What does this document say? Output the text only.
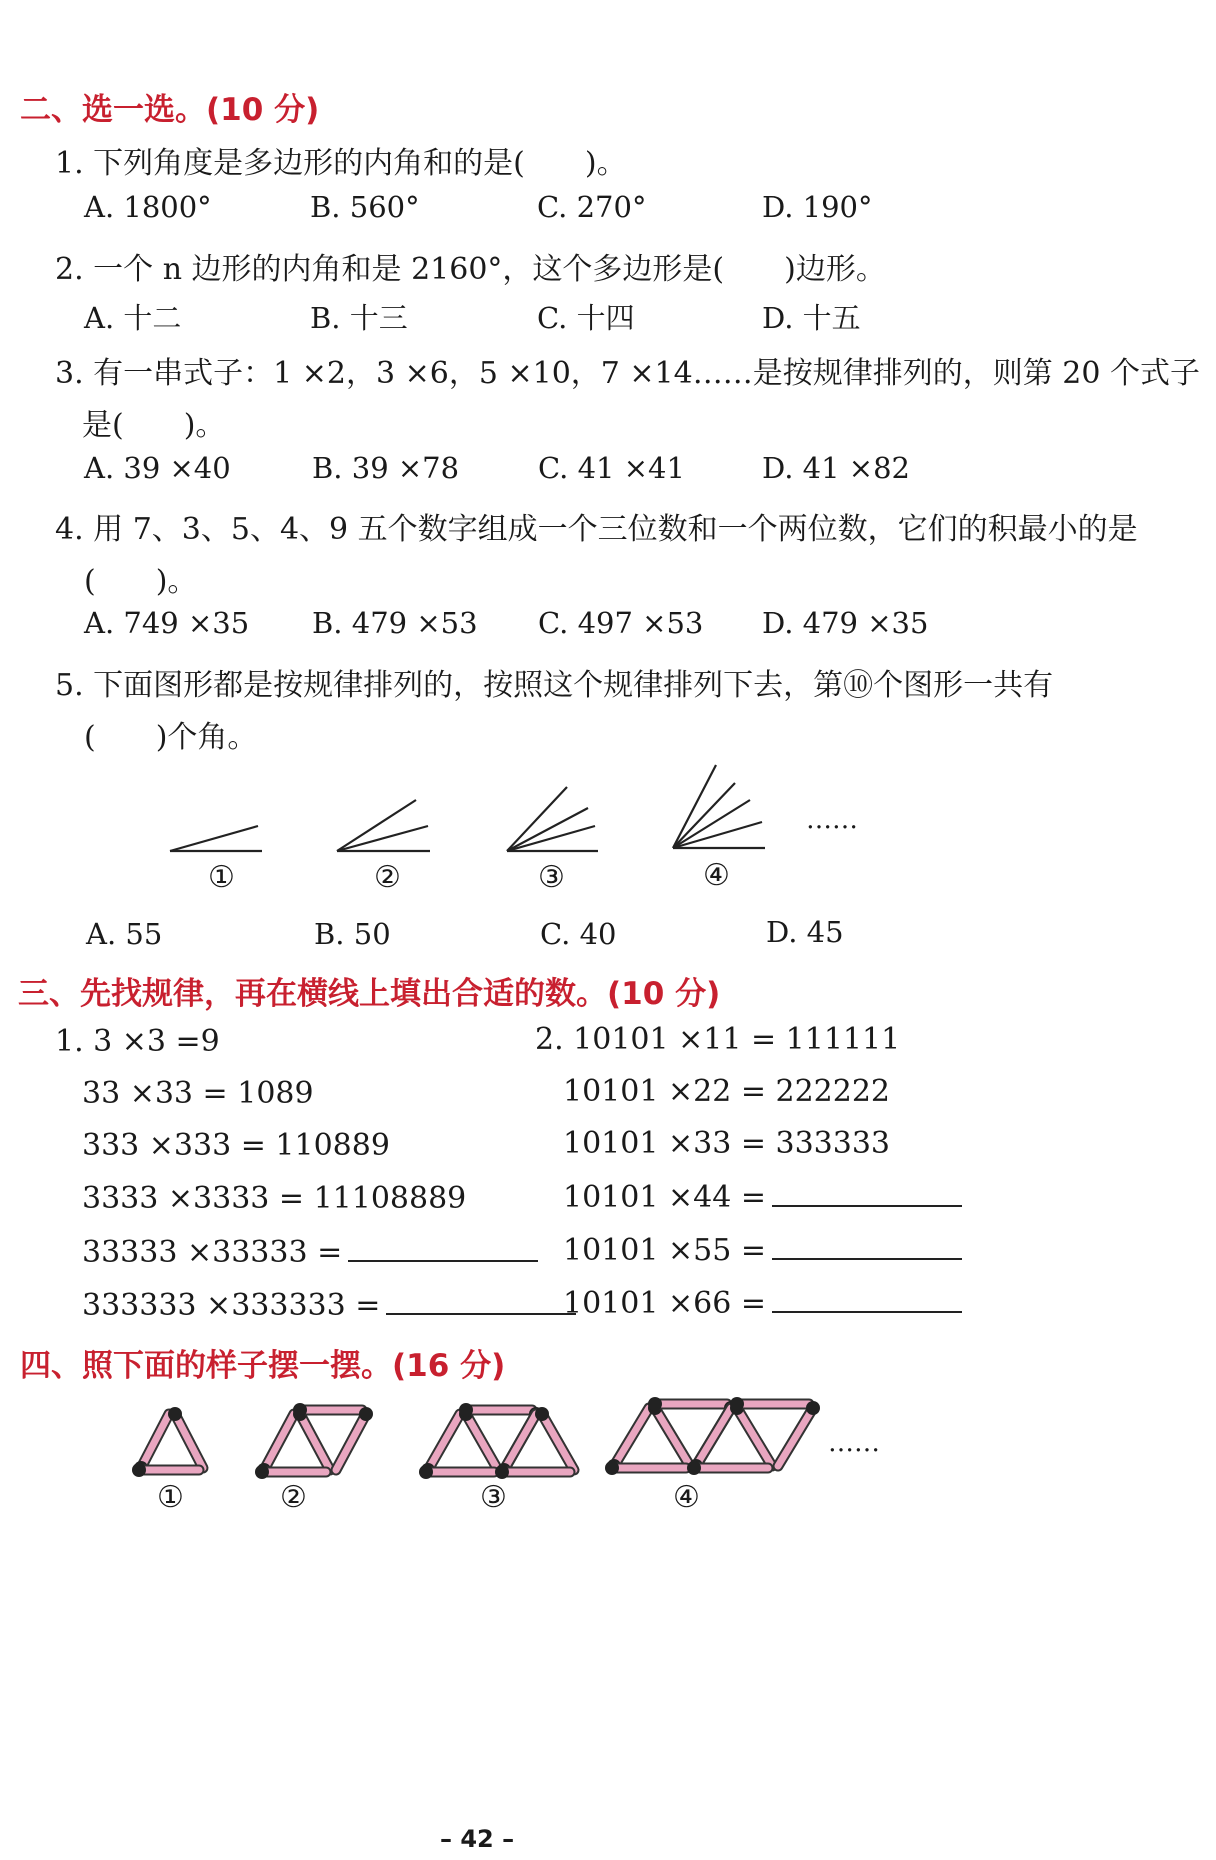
二、选一选。(10 分)
1. 下列角度是多边形的内角和的是(　　)。
A. 1800°	B. 560°	C. 270°	D. 190°
2. 一个 n 边形的内角和是 2160°，这个多边形是(　　)边形。
A. 十二	B. 十三	C. 十四	D. 十五
3. 有一串式子：1 ×2，3 ×6，5 ×10，7 ×14……是按规律排列的，则第 20 个式子
是(　　)。
A. 39 ×40	B. 39 ×78	C. 41 ×41	D. 41 ×82
4. 用 7、3、5、4、9 五个数字组成一个三位数和一个两位数，它们的积最小的是
(　　)。
A. 749 ×35 B. 479 ×53 C. 497 ×53 D. 479 ×35
5. 下面图形都是按规律排列的，按照这个规律排列下去，第⑩个图形一共有
(　　)个角。
……
①	②	③	④
A. 55	B. 50	C. 40	D. 45
三、先找规律，再在横线上填出合适的数。(10 分)
1. 3 ×3 =9
33 ×33 = 1089
333 ×333 = 110889
3333 ×3333 = 11108889
33333 ×33333 =
333333 ×333333 =
2. 10101 ×11 = 111111
10101 ×22 = 222222
10101 ×33 = 333333
10101 ×44 =
10101 ×55 =
10101 ×66 =
四、照下面的样子摆一摆。(16 分)
……
①	②	③	④
– 42 –
